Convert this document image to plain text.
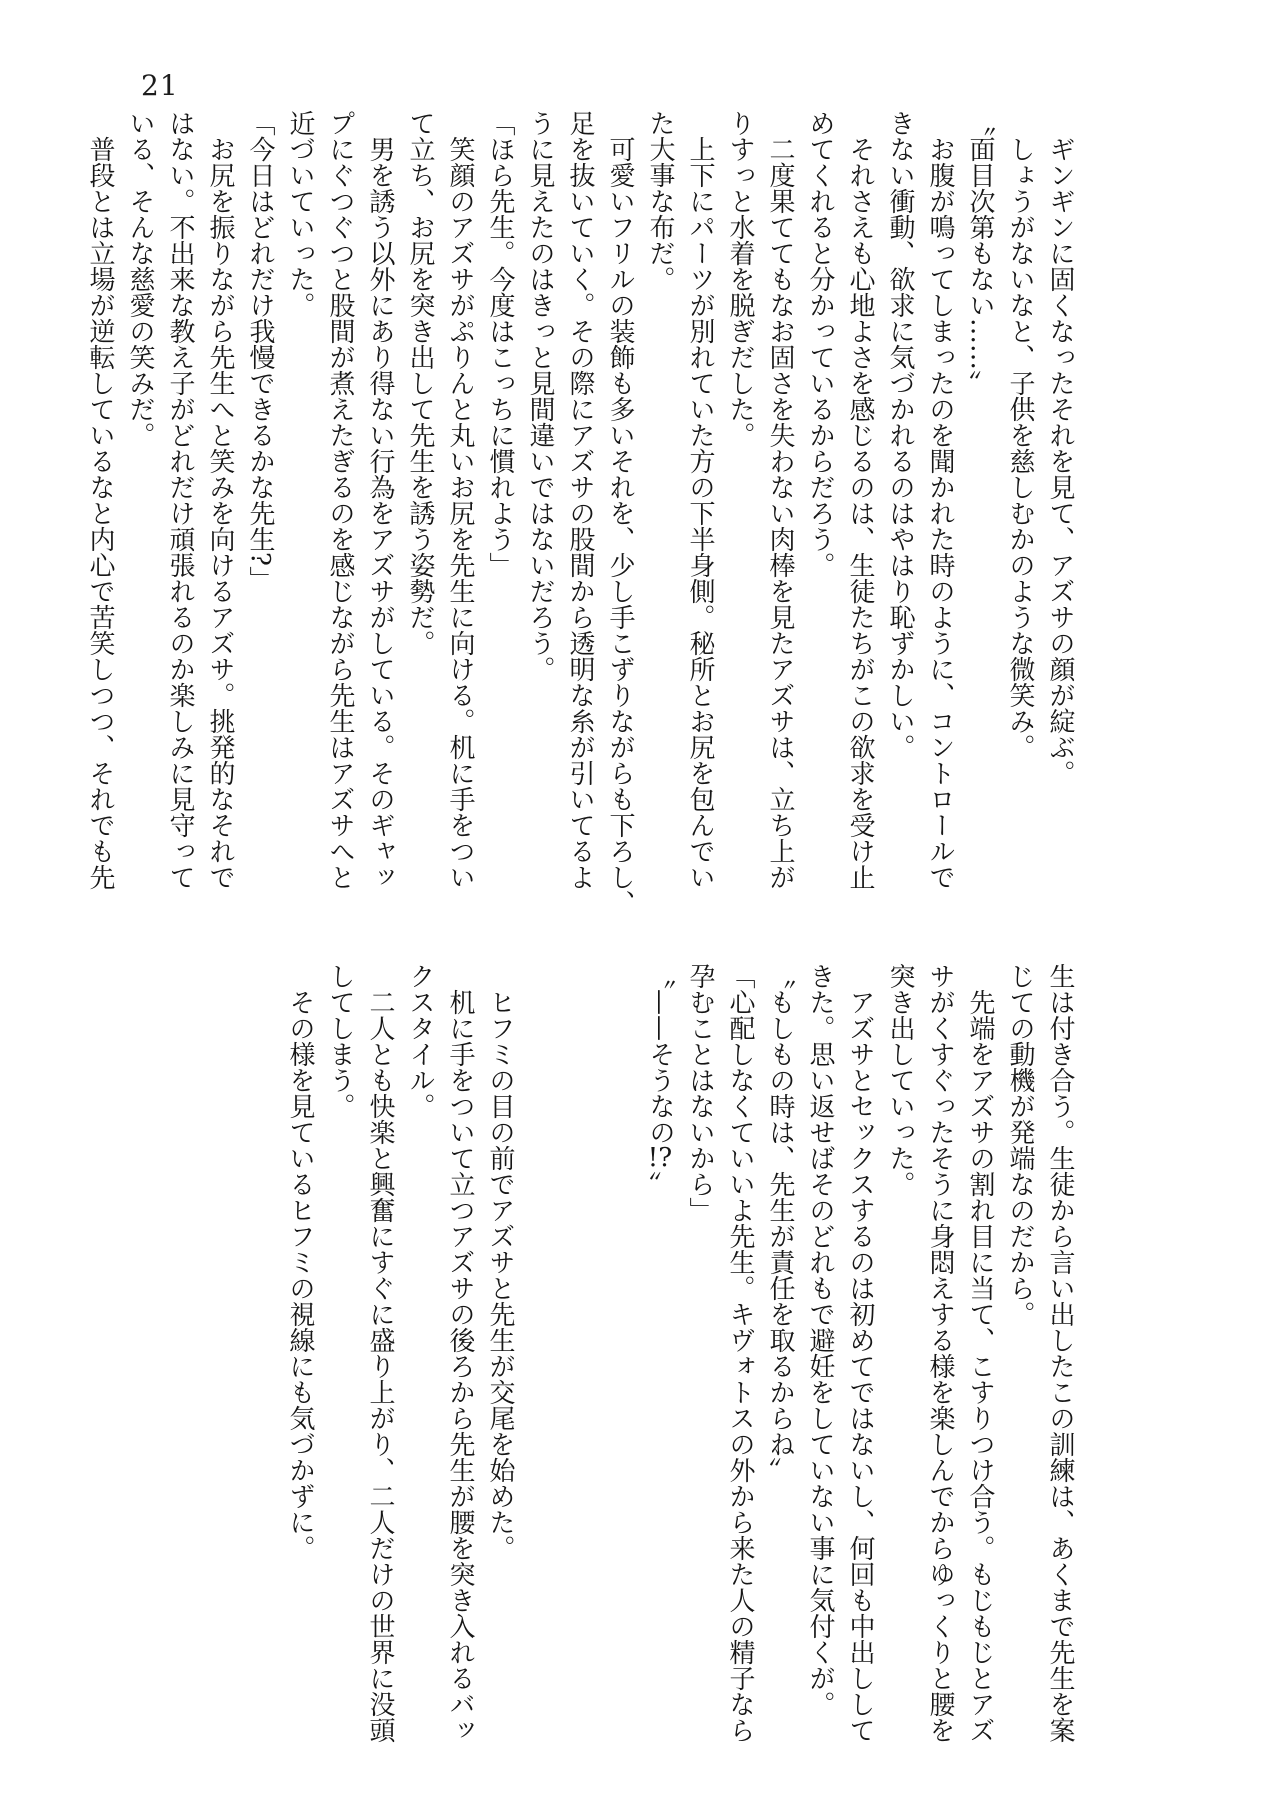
21

ギンギンに固くなったそれを見て、アズサの顔が綻ぶ。

しょうがないなと、子供を慈しむかのような微笑み。

〝面目次第もない……〟

お腹が鳴ってしまったのを聞かれた時のように、コントロールで

きない衝動、欲求に気づかれるのはやはり恥ずかしい。

それさえも心地よさを感じるのは、生徒たちがこの欲求を受け止

めてくれると分かっているからだろう。

二度果ててもなお固さを失わない肉棒を見たアズサは、立ち上が

りすっと水着を脱ぎだした。

上下にパーツが別れていた方の下半身側。秘所とお尻を包んでい

た大事な布だ。

可愛いフリルの装飾も多いそれを、少し手こずりながらも下ろし、

足を抜いていく。その際にアズサの股間から透明な糸が引いてるよ

うに見えたのはきっと見間違いではないだろう。

「ほら先生。今度はこっちに慣れよう」

笑顔のアズサがぷりんと丸いお尻を先生に向ける。机に手をつい

て立ち、お尻を突き出して先生を誘う姿勢だ。

男を誘う以外にあり得ない行為をアズサがしている。そのギャッ

プにぐつぐつと股間が煮えたぎるのを感じながら先生はアズサへと

近づいていった。

「今日はどれだけ我慢できるかな先生?」

お尻を振りながら先生へと笑みを向けるアズサ。挑発的なそれで

はない。不出来な教え子がどれだけ頑張れるのか楽しみに見守って

いる、そんな慈愛の笑みだ。

普段とは立場が逆転しているなと内心で苦笑しつつ、それでも先

生は付き合う。生徒から言い出したこの訓練は、あくまで先生を案

じての動機が発端なのだから。

先端をアズサの割れ目に当て、こすりつけ合う。もじもじとアズ

サがくすぐったそうに身悶えする様を楽しんでからゆっくりと腰を

突き出していった。

アズサとセックスするのは初めてではないし、何回も中出しして

きた。思い返せばそのどれもで避妊をしていない事に気付くが。

〝もしもの時は、先生が責任を取るからね〟

「心配しなくていいよ先生。キヴォトスの外から来た人の精子なら

孕むことはないから」

〝——そうなの!?〟

ヒフミの目の前でアズサと先生が交尾を始めた。

机に手をついて立つアズサの後ろから先生が腰を突き入れるバッ

クスタイル。

二人とも快楽と興奮にすぐに盛り上がり、二人だけの世界に没頭

してしまう。

その様を見ているヒフミの視線にも気づかずに。
